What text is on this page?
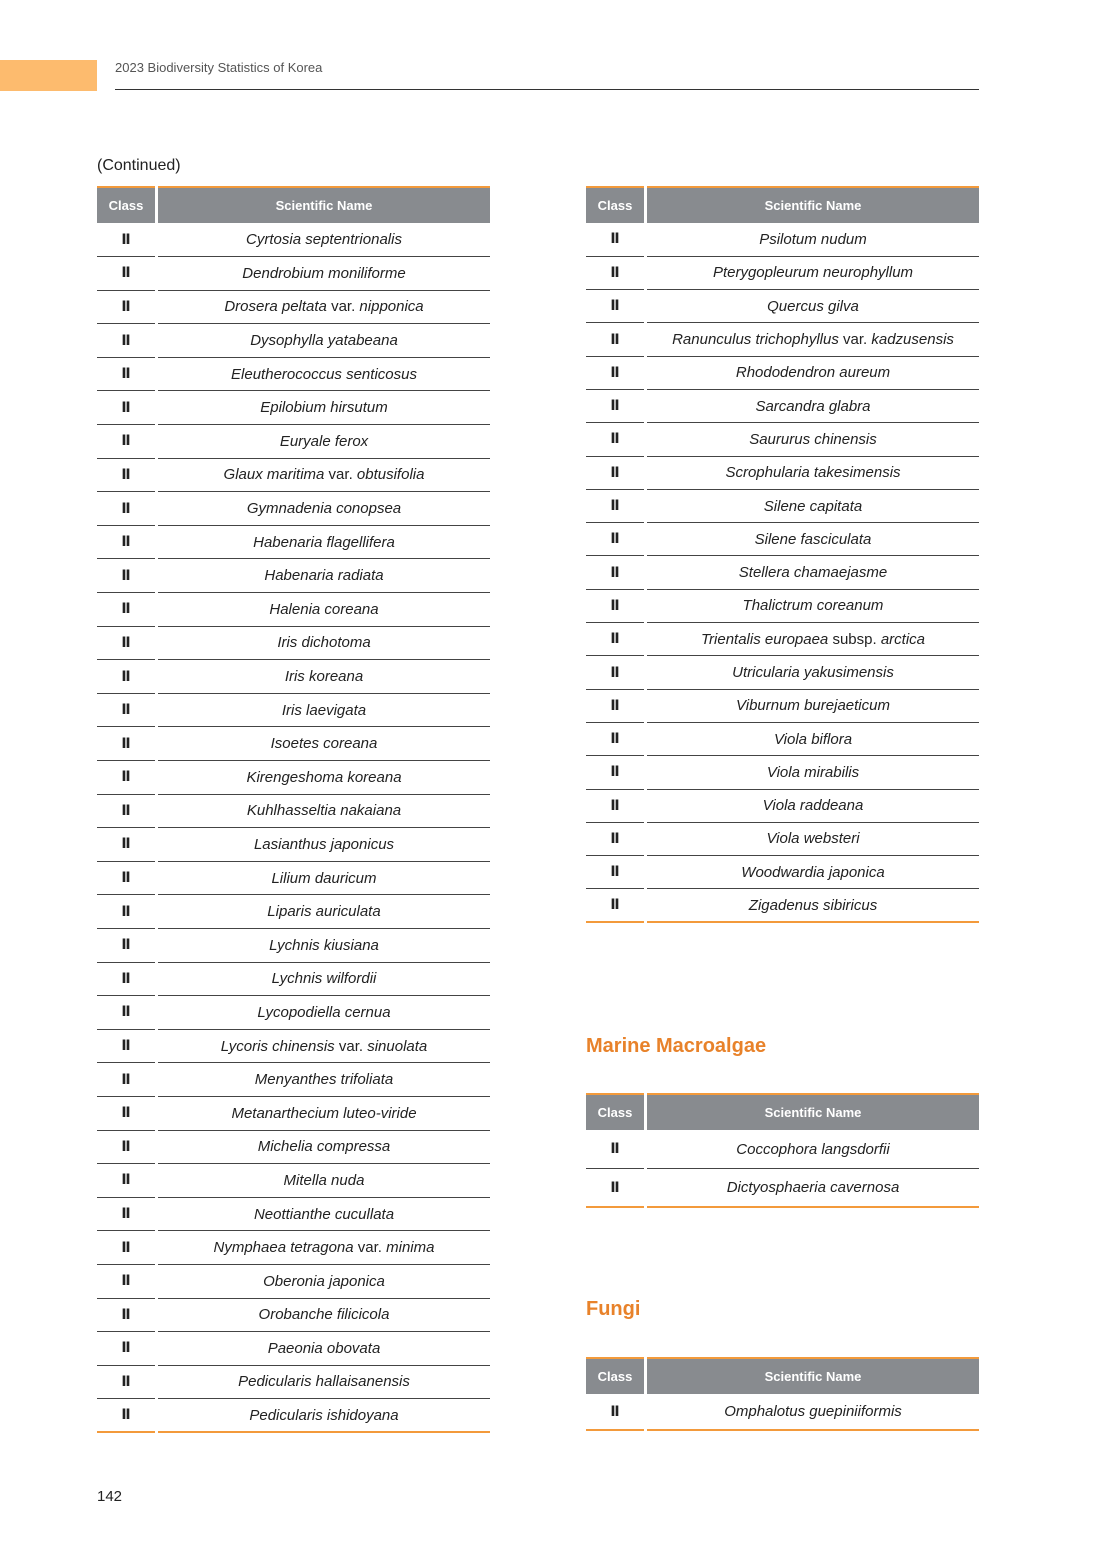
2023 Biodiversity Statistics of Korea
(Continued)
Class	Scientific Name
Ⅱ	Cyrtosia septentrionalis
Ⅱ	Dendrobium moniliforme
Ⅱ	Drosera peltata var. nipponica
Ⅱ	Dysophylla yatabeana
Ⅱ	Eleutherococcus senticosus
Ⅱ	Epilobium hirsutum
Ⅱ	Euryale ferox
Ⅱ	Glaux maritima var. obtusifolia
Ⅱ	Gymnadenia conopsea
Ⅱ	Habenaria flagellifera
Ⅱ	Habenaria radiata
Ⅱ	Halenia coreana
Ⅱ	Iris dichotoma
Ⅱ	Iris koreana
Ⅱ	Iris laevigata
Ⅱ	Isoetes coreana
Ⅱ	Kirengeshoma koreana
Ⅱ	Kuhlhasseltia nakaiana
Ⅱ	Lasianthus japonicus
Ⅱ	Lilium dauricum
Ⅱ	Liparis auriculata
Ⅱ	Lychnis kiusiana
Ⅱ	Lychnis wilfordii
Ⅱ	Lycopodiella cernua
Ⅱ	Lycoris chinensis var. sinuolata
Ⅱ	Menyanthes trifoliata
Ⅱ	Metanarthecium luteo-viride
Ⅱ	Michelia compressa
Ⅱ	Mitella nuda
Ⅱ	Neottianthe cucullata
Ⅱ	Nymphaea tetragona var. minima
Ⅱ	Oberonia japonica
Ⅱ	Orobanche filicicola
Ⅱ	Paeonia obovata
Ⅱ	Pedicularis hallaisanensis
Ⅱ	Pedicularis ishidoyana
Class	Scientific Name
Ⅱ	Psilotum nudum
Ⅱ	Pterygopleurum neurophyllum
Ⅱ	Quercus gilva
Ⅱ	Ranunculus trichophyllus var. kadzusensis
Ⅱ	Rhododendron aureum
Ⅱ	Sarcandra glabra
Ⅱ	Saururus chinensis
Ⅱ	Scrophularia takesimensis
Ⅱ	Silene capitata
Ⅱ	Silene fasciculata
Ⅱ	Stellera chamaejasme
Ⅱ	Thalictrum coreanum
Ⅱ	Trientalis europaea subsp. arctica
Ⅱ	Utricularia yakusimensis
Ⅱ	Viburnum burejaeticum
Ⅱ	Viola biflora
Ⅱ	Viola mirabilis
Ⅱ	Viola raddeana
Ⅱ	Viola websteri
Ⅱ	Woodwardia japonica
Ⅱ	Zigadenus sibiricus
Marine Macroalgae
Class	Scientific Name
Ⅱ	Coccophora langsdorfii
Ⅱ	Dictyosphaeria cavernosa
Fungi
Class	Scientific Name
Ⅱ	Omphalotus guepiniiformis
142
